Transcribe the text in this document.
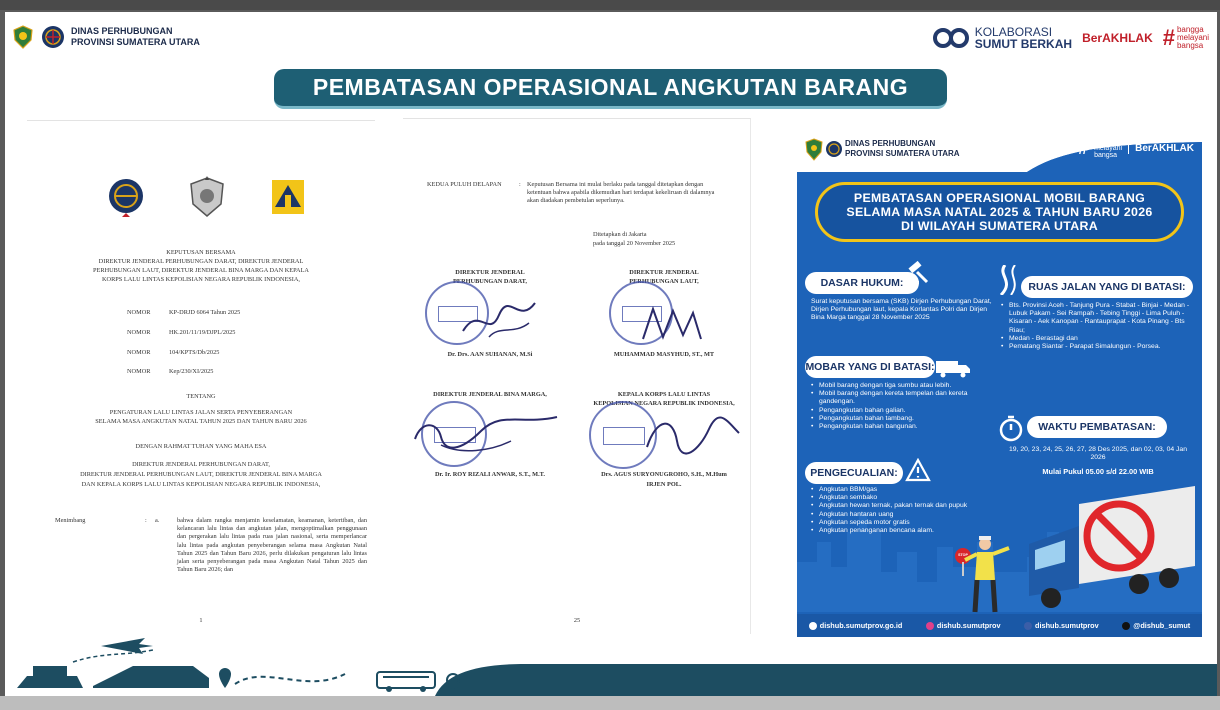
DINAS PERHUBUNGAN
PROVINSI SUMATERA UTARA
KOLABORASI
SUMUT BERKAH BerAKHLAK # bangga
melayani
bangsa
PEMBATASAN OPERASIONAL ANGKUTAN BARANG
KEPUTUSAN BERSAMA
DIREKTUR JENDERAL PERHUBUNGAN DARAT, DIREKTUR JENDERAL
PERHUBUNGAN LAUT, DIREKTUR JENDERAL BINA MARGA DAN KEPALA
KORPS LALU LINTAS KEPOLISIAN NEGARA REPUBLIK INDONESIA,
NOMOR	KP-DRJD 6064 Tahun 2025
NOMOR	HK.201/11/19/DJPL/2025
NOMOR	104/KPTS/Db/2025
NOMOR	Kep/230/XI/2025
TENTANG
PENGATURAN LALU LINTAS JALAN SERTA PENYEBERANGAN
SELAMA MASA ANGKUTAN NATAL TAHUN 2025 DAN TAHUN BARU 2026
DENGAN RAHMAT TUHAN YANG MAHA ESA
DIREKTUR JENDERAL PERHUBUNGAN DARAT,
DIREKTUR JENDERAL PERHUBUNGAN LAUT, DIREKTUR JENDERAL BINA MARGA
DAN KEPALA KORPS LALU LINTAS KEPOLISIAN NEGARA REPUBLIK INDONESIA,
Menimbang	: a.	bahwa dalam rangka menjamin keselamatan, keamanan, ketertiban, dan kelancaran lalu lintas dan angkutan jalan, mengoptimalkan penggunaan dan pergerakan lalu lintas pada ruas jalan nasional, serta memperlancar lalu lintas pada angkutan penyeberangan selama masa Angkutan Natal Tahun 2025 dan Tahun Baru 2026, perlu dilakukan pengaturan lalu lintas jalan serta penyeberangan pada masa Angkutan Natal Tahun 2025 dan Tahun Baru 2026; dan
1
KEDUA PULUH DELAPAN	: Keputusan Bersama ini mulai berlaku pada tanggal ditetapkan dengan ketentuan bahwa apabila dikemudian hari terdapat kekeliruan di dalamnya akan diadakan pembetulan seperlunya.
Ditetapkan di Jakarta
pada tanggal 20 November 2025
DIREKTUR JENDERAL
PERHUBUNGAN DARAT,
Dr. Drs. AAN SUHANAN, M.Si
DIREKTUR JENDERAL
PERHUBUNGAN LAUT,
MUHAMMAD MASYHUD, ST., MT
DIREKTUR JENDERAL BINA MARGA,
Dr. Ir. ROY RIZALI ANWAR, S.T., M.T.
KEPALA KORPS LALU LINTAS
KEPOLISIAN NEGARA REPUBLIK INDONESIA,
Drs. AGUS SURYONUGROHO, S.H., M.Hum
IRJEN POL.
25
DINAS PERHUBUNGAN
PROVINSI SUMATERA UTARA	# bangga
melayani
bangsa
BerAKHLAK
PEMBATASAN OPERASIONAL MOBIL BARANG
SELAMA MASA NATAL 2025 & TAHUN BARU 2026
DI WILAYAH SUMATERA UTARA
DASAR HUKUM:
Surat keputusan bersama (SKB) Dirjen Perhubungan Darat, Dirjen Perhubungan laut, kepala Korlantas Polri dan Dirjen Bina Marga tanggal 28 November 2025
RUAS JALAN YANG DI BATASI:
• Bts. Provinsi Aceh - Tanjung Pura - Stabat - Binjai - Medan - Lubuk Pakam - Sei Rampah - Tebing Tinggi - Lima Puluh - Kisaran - Aek Kanopan - Rantauprapat - Kota Pinang - Bts Riau;
• Medan - Berastagi dan
• Pematang Siantar - Parapat Simalungun - Porsea.
MOBAR YANG DI BATASI:
• Mobil barang dengan tiga sumbu atau lebih.
• Mobil barang dengan kereta tempelan dan kereta gandengan.
• Pengangkutan bahan galian.
• Pengangkutan bahan tambang.
• Pengangkutan bahan bangunan.	WAKTU PEMBATASAN:
19, 20, 23, 24, 25, 26, 27, 28 Des 2025, dan 02, 03, 04 Jan 2026
Mulai Pukul 05.00 s/d 22.00 WIB
PENGECUALIAN:
• Angkutan BBM/gas
• Angkutan sembako
• Angkutan hewan ternak, pakan ternak dan pupuk
• Angkutan hantaran uang
• Angkutan sepeda motor gratis
• Angkutan penanganan bencana alam.
STOP
dishub.sumutprov.go.id	dishub.sumutprov	dishub.sumutprov	@dishub_sumut
